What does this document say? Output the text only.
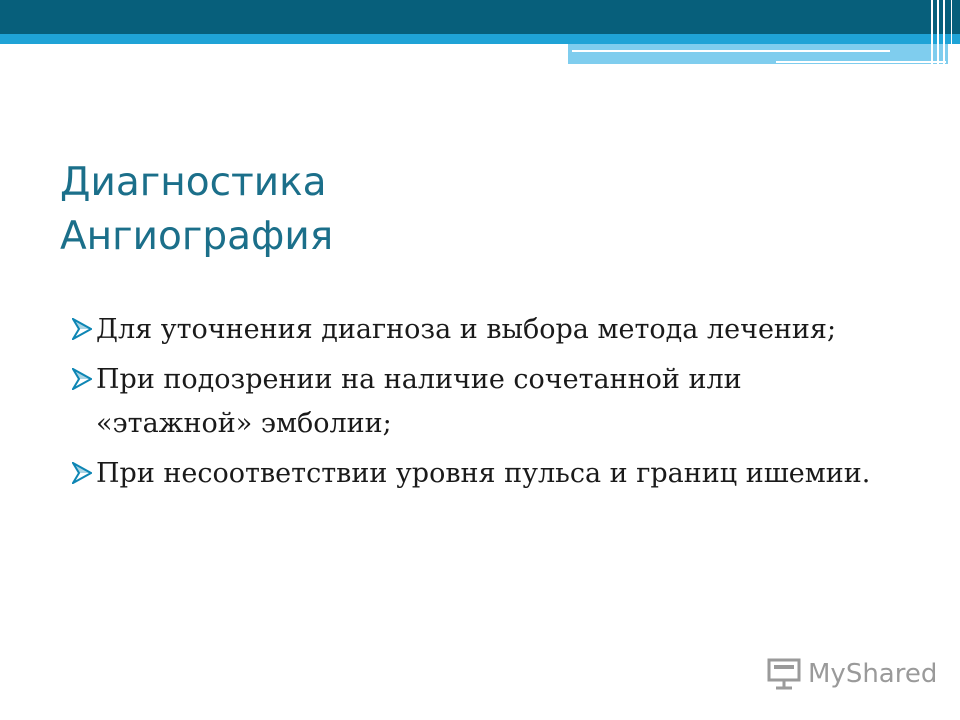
Диагностика
Ангиография
Для уточнения диагноза и выбора метода лечения;
При подозрении на наличие сочетанной или «этажной» эмболии;
При несоответствии уровня пульса и границ ишемии.
MyShared
